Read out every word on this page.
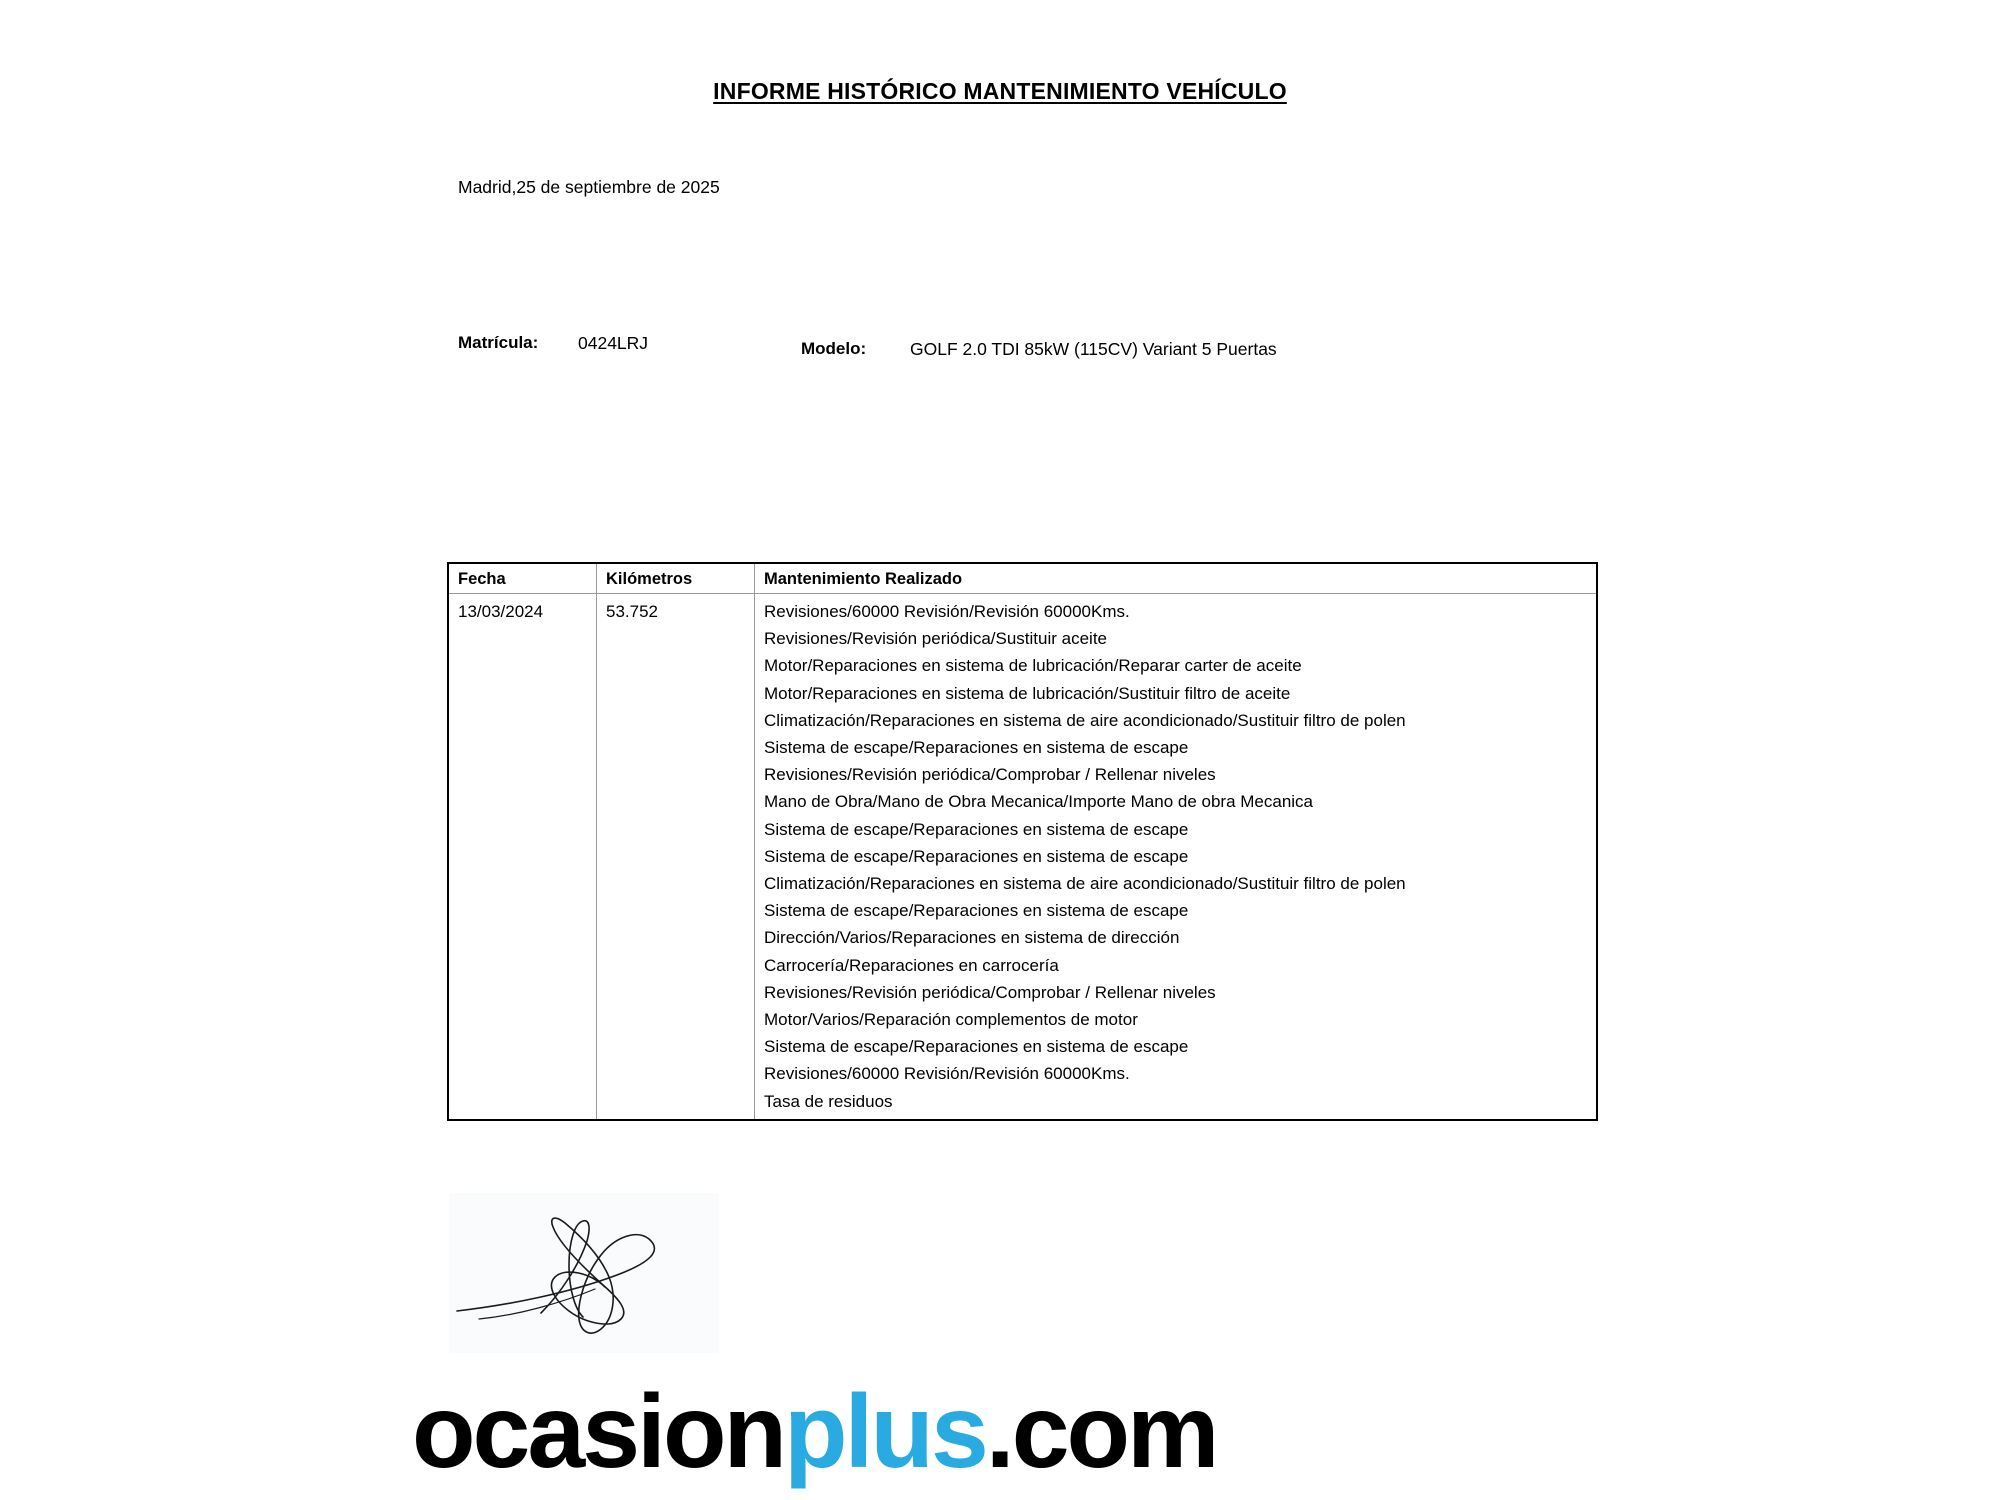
INFORME HISTÓRICO MANTENIMIENTO VEHÍCULO
Madrid,25 de septiembre de 2025
Matrícula: 0424LRJ	Modelo:	GOLF 2.0 TDI 85kW (115CV) Variant 5 Puertas
Fecha	Kilómetros	Mantenimiento Realizado
13/03/2024	53.752	Revisiones/60000 Revisión/Revisión 60000Kms.
Revisiones/Revisión periódica/Sustituir aceite
Motor/Reparaciones en sistema de lubricación/Reparar carter de aceite
Motor/Reparaciones en sistema de lubricación/Sustituir filtro de aceite
Climatización/Reparaciones en sistema de aire acondicionado/Sustituir filtro de polen
Sistema de escape/Reparaciones en sistema de escape
Revisiones/Revisión periódica/Comprobar / Rellenar niveles
Mano de Obra/Mano de Obra Mecanica/Importe Mano de obra Mecanica
Sistema de escape/Reparaciones en sistema de escape
Sistema de escape/Reparaciones en sistema de escape
Climatización/Reparaciones en sistema de aire acondicionado/Sustituir filtro de polen
Sistema de escape/Reparaciones en sistema de escape
Dirección/Varios/Reparaciones en sistema de dirección
Carrocería/Reparaciones en carrocería
Revisiones/Revisión periódica/Comprobar / Rellenar niveles
Motor/Varios/Reparación complementos de motor
Sistema de escape/Reparaciones en sistema de escape
Revisiones/60000 Revisión/Revisión 60000Kms.
Tasa de residuos
ocasionplus.com
